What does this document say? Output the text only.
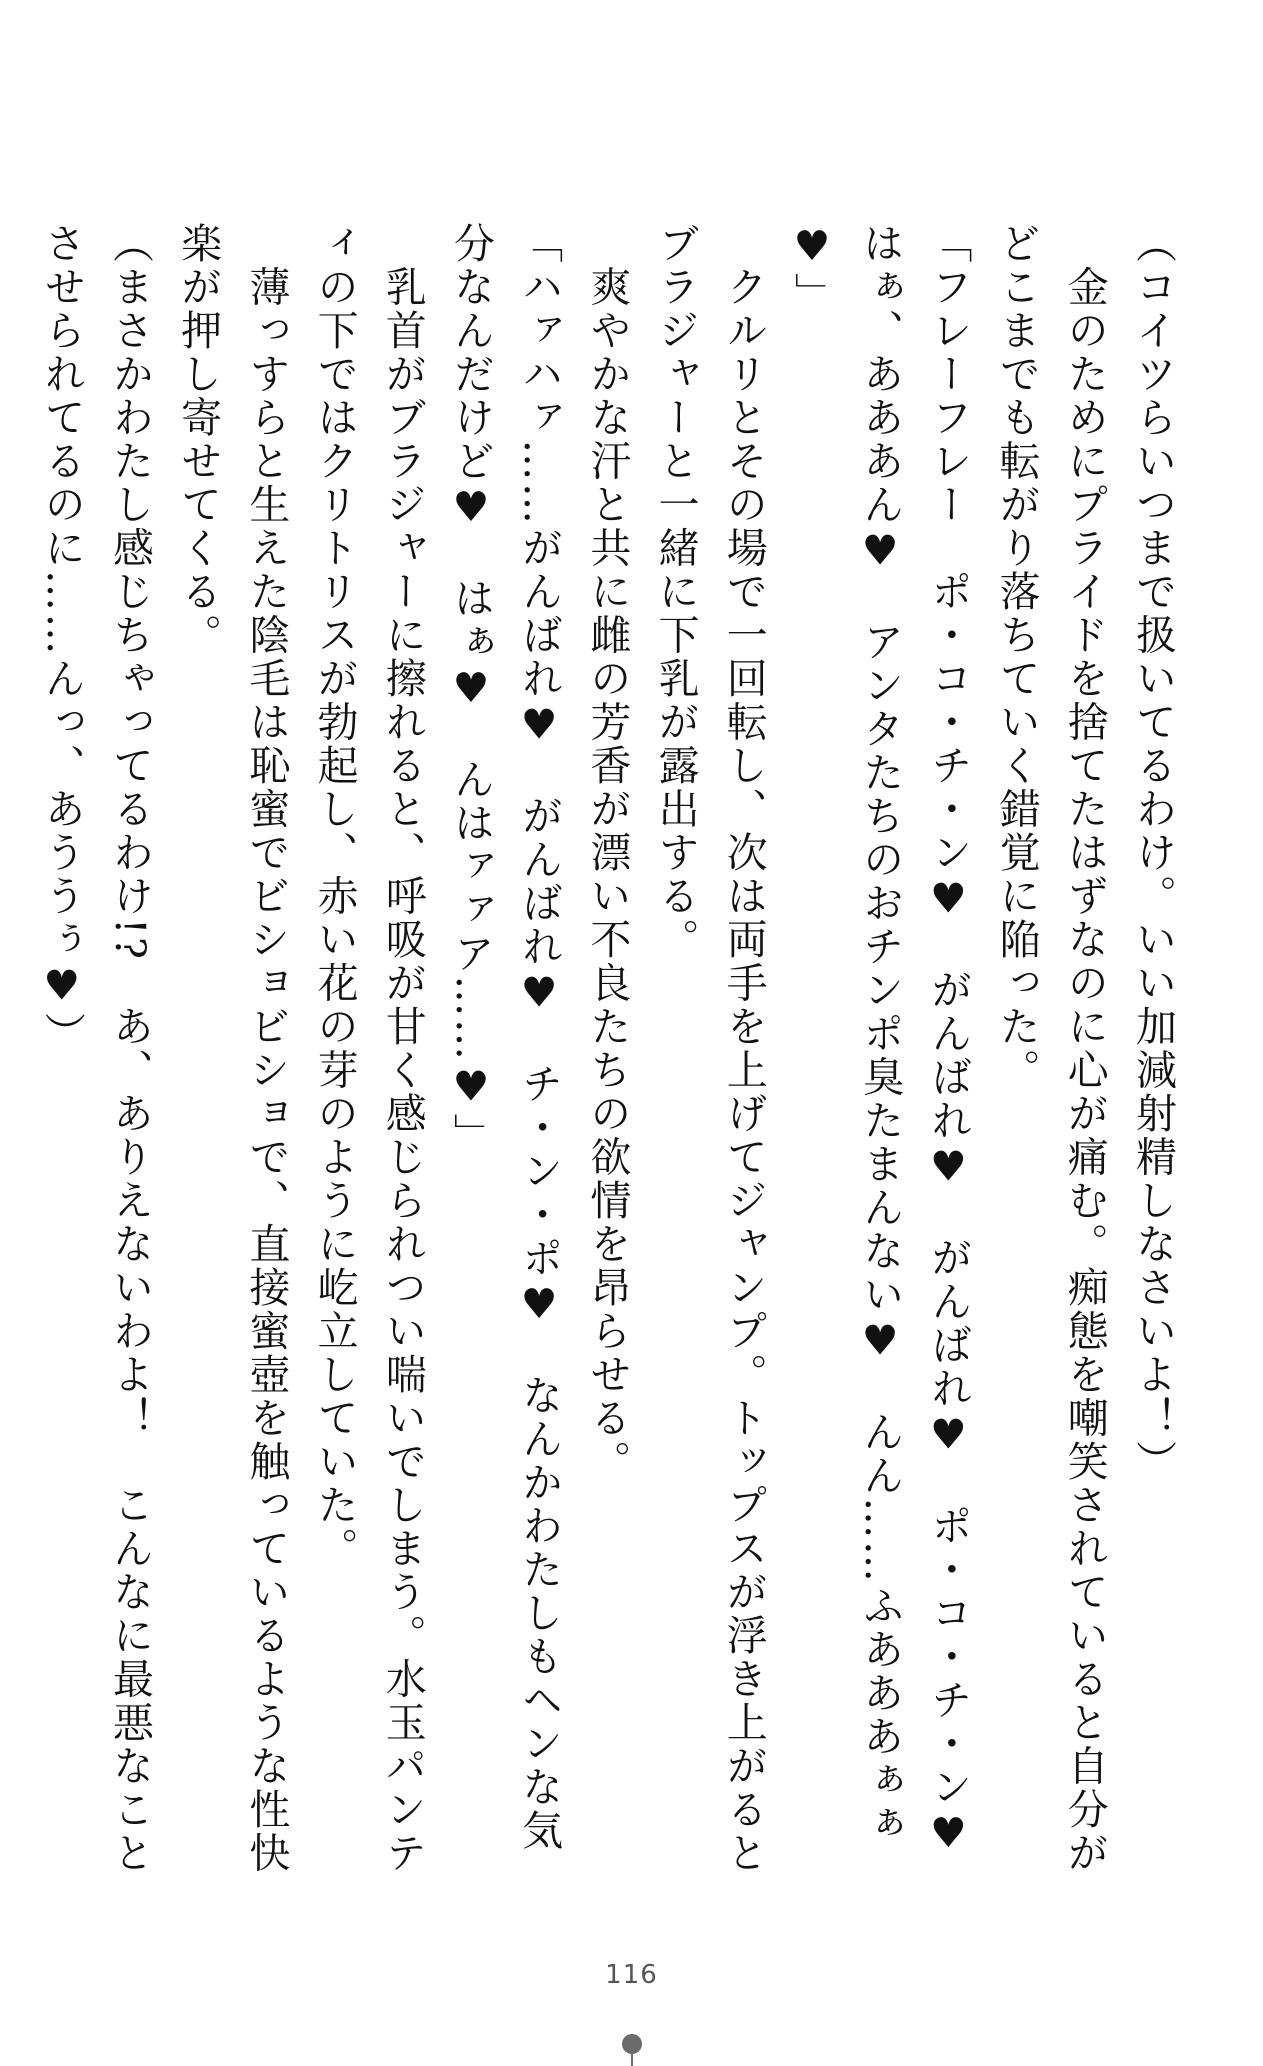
（コイツらいつまで扱いてるわけ。いい加減射精しなさいよ！）

　金のためにプライドを捨てたはずなのに心が痛む。痴態を嘲笑されていると自分がどこまでも転がり落ちていく錯覚に陥った。

「フレーフレー　ポ・コ・チ・ン♥　がんばれ♥　がんばれ♥　ポ・コ・チ・ン♥　はぁ、あああん♥　アンタたちのおチンポ臭たまんない♥　んん……ふあああぁぁ♥」

　クルリとその場で一回転し、次は両手を上げてジャンプ。トップスが浮き上がるとブラジャーと一緒に下乳が露出する。

　爽やかな汗と共に雌の芳香が漂い不良たちの欲情を昂らせる。

「ハァハァ……がんばれ♥　がんばれ♥　チ・ン・ポ♥　なんかわたしもヘンな気分なんだけど♥　はぁ♥　んはァァア……♥」

　乳首がブラジャーに擦れると、呼吸が甘く感じられつい喘いでしまう。水玉パンティの下ではクリトリスが勃起し、赤い花の芽のように屹立していた。

　薄っすらと生えた陰毛は恥蜜でビショビショで、直接蜜壺を触っているような性快楽が押し寄せてくる。

（まさかわたし感じちゃってるわけ!?　あ、ありえないわよ！　こんなに最悪なことさせられてるのに……んっ、あううぅ♥）

116
